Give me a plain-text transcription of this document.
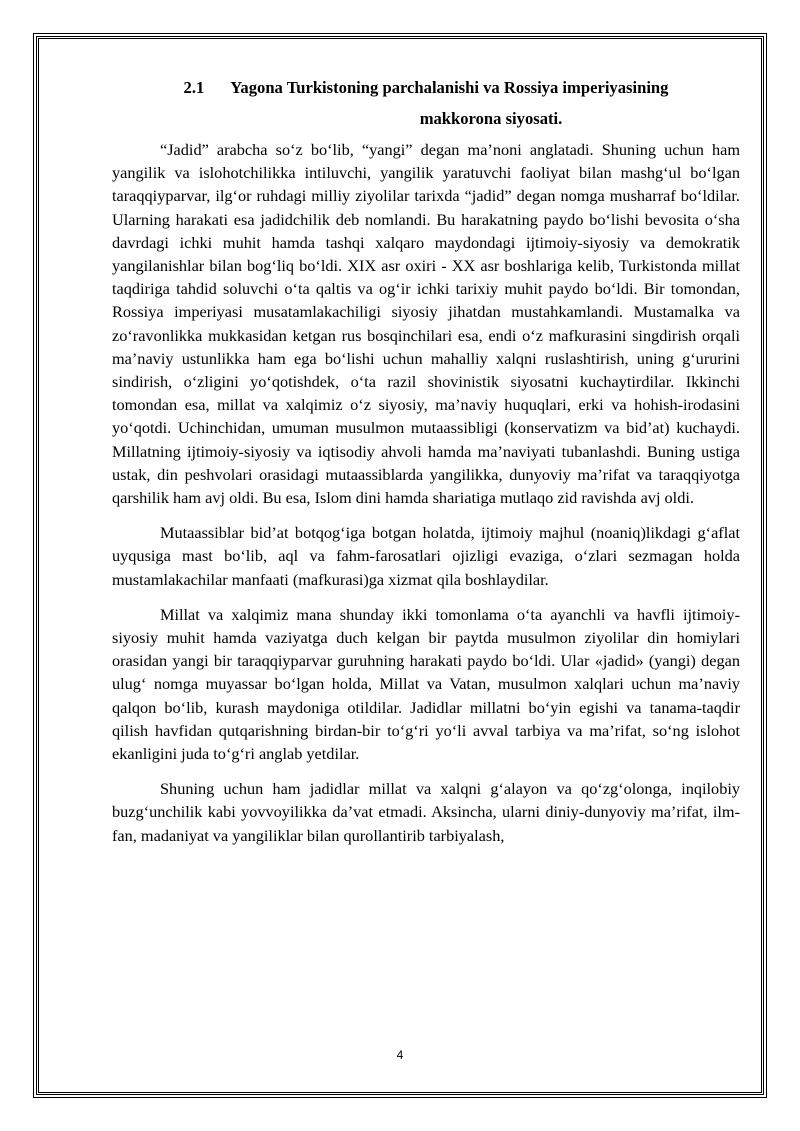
2.1 Yagona Turkistoning parchalanishi va Rossiya imperiyasining
makkorona siyosati.

“Jadid” arabcha so‘z bo‘lib, “yangi” degan ma’noni anglatadi. Shuning uchun ham yangilik va islohotchilikka intiluvchi, yangilik yaratuvchi faoliyat bilan mashg‘ul bo‘lgan taraqqiyparvar, ilg‘or ruhdagi milliy ziyolilar tarixda “jadid” degan nomga musharraf bo‘ldilar. Ularning harakati esa jadidchilik deb nomlandi. Bu harakatning paydo bo‘lishi bevosita o‘sha davrdagi ichki muhit hamda tashqi xalqaro maydondagi ijtimoiy-siyosiy va demokratik yangilanishlar bilan bog‘liq bo‘ldi. XIX asr oxiri - XX asr boshlariga kelib, Turkistonda millat taqdiriga tahdid soluvchi o‘ta qaltis va og‘ir ichki tarixiy muhit paydo bo‘ldi. Bir tomondan, Rossiya imperiyasi musatamlakachiligi siyosiy jihatdan mustahkamlandi. Mustamalka va zo‘ravonlikka mukkasidan ketgan rus bosqinchilari esa, endi o‘z mafkurasini singdirish orqali ma’naviy ustunlikka ham ega bo‘lishi uchun mahalliy xalqni ruslashtirish, uning g‘ururini sindirish, o‘zligini yo‘qotishdek, o‘ta razil shovinistik siyosatni kuchaytirdilar. Ikkinchi tomondan esa, millat va xalqimiz o‘z siyosiy, ma’naviy huquqlari, erki va hohish-irodasini yo‘qotdi. Uchinchidan, umuman musulmon mutaassibligi (konservatizm va bid’at) kuchaydi. Millatning ijtimoiy-siyosiy va iqtisodiy ahvoli hamda ma’naviyati tubanlashdi. Buning ustiga ustak, din peshvolari orasidagi mutaassiblarda yangilikka, dunyoviy ma’rifat va taraqqiyotga qarshilik ham avj oldi. Bu esa, Islom dini hamda shariatiga mutlaqo zid ravishda avj oldi.

Mutaassiblar bid’at botqog‘iga botgan holatda, ijtimoiy majhul (noaniq)likdagi g‘aflat uyqusiga mast bo‘lib, aql va fahm-farosatlari ojizligi evaziga, o‘zlari sezmagan holda mustamlakachilar manfaati (mafkurasi)ga xizmat qila boshlaydilar.

Millat va xalqimiz mana shunday ikki tomonlama o‘ta ayanchli va havfli ijtimoiy-siyosiy muhit hamda vaziyatga duch kelgan bir paytda musulmon ziyolilar din homiylari orasidan yangi bir taraqqiyparvar guruhning harakati paydo bo‘ldi. Ular «jadid» (yangi) degan ulug‘ nomga muyassar bo‘lgan holda, Millat va Vatan, musulmon xalqlari uchun ma’naviy qalqon bo‘lib, kurash maydoniga otildilar. Jadidlar millatni bo‘yin egishi va tanama-taqdir qilish havfidan qutqarishning birdan-bir to‘g‘ri yo‘li avval tarbiya va ma’rifat, so‘ng islohot ekanligini juda to‘g‘ri anglab yetdilar.

Shuning uchun ham jadidlar millat va xalqni g‘alayon va qo‘zg‘olonga, inqilobiy buzg‘unchilik kabi yovvoyilikka da’vat etmadi. Aksincha, ularni diniy-dunyoviy ma’rifat, ilm-fan, madaniyat va yangiliklar bilan qurollantirib tarbiyalash,

4
